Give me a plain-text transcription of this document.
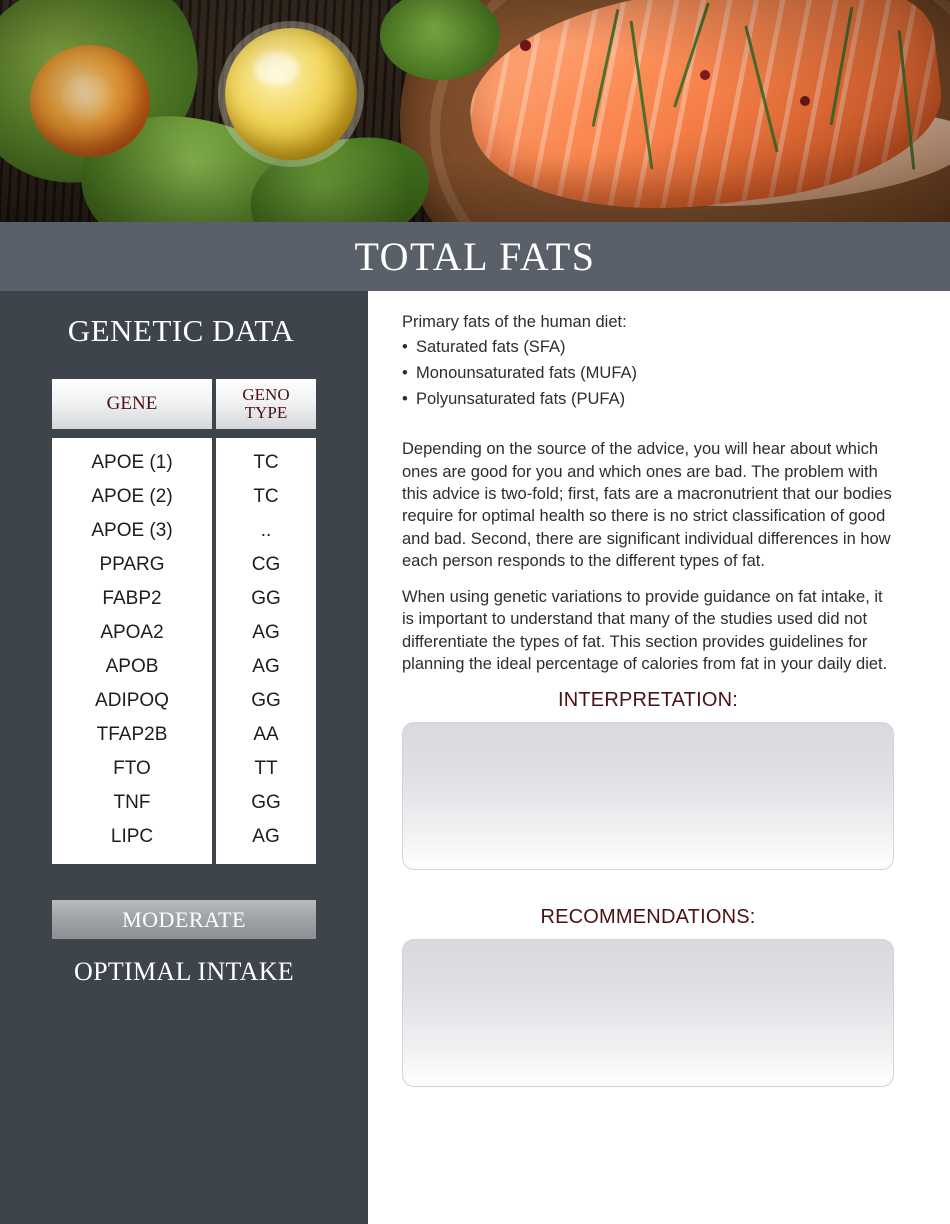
TOTAL FATS
GENETIC DATA
GENE	GENO
TYPE
APOE (1)
APOE (2)
APOE (3)
PPARG
FABP2
APOA2
APOB
ADIPOQ
TFAP2B
FTO
TNF
LIPC
TC
TC
..
CG
GG
AG
AG
GG
AA
TT
GG
AG
MODERATE
OPTIMAL INTAKE

Primary fats of the human diet:

• Saturated fats (SFA)
• Monounsaturated fats (MUFA)
• Polyunsaturated fats (PUFA)

Depending on the source of the advice, you will hear about which ones are good for you and which ones are bad. The problem with this advice is two-fold; first, fats are a macronutrient that our bodies require for optimal health so there is no strict classification of good and bad. Second, there are significant individual differences in how each person responds to the different types of fat.

When using genetic variations to provide guidance on fat intake, it is important to understand that many of the studies used did not differentiate the types of fat. This section provides guidelines for planning the ideal percentage of calories from fat in your daily diet.

INTERPRETATION:
RECOMMENDATIONS:
